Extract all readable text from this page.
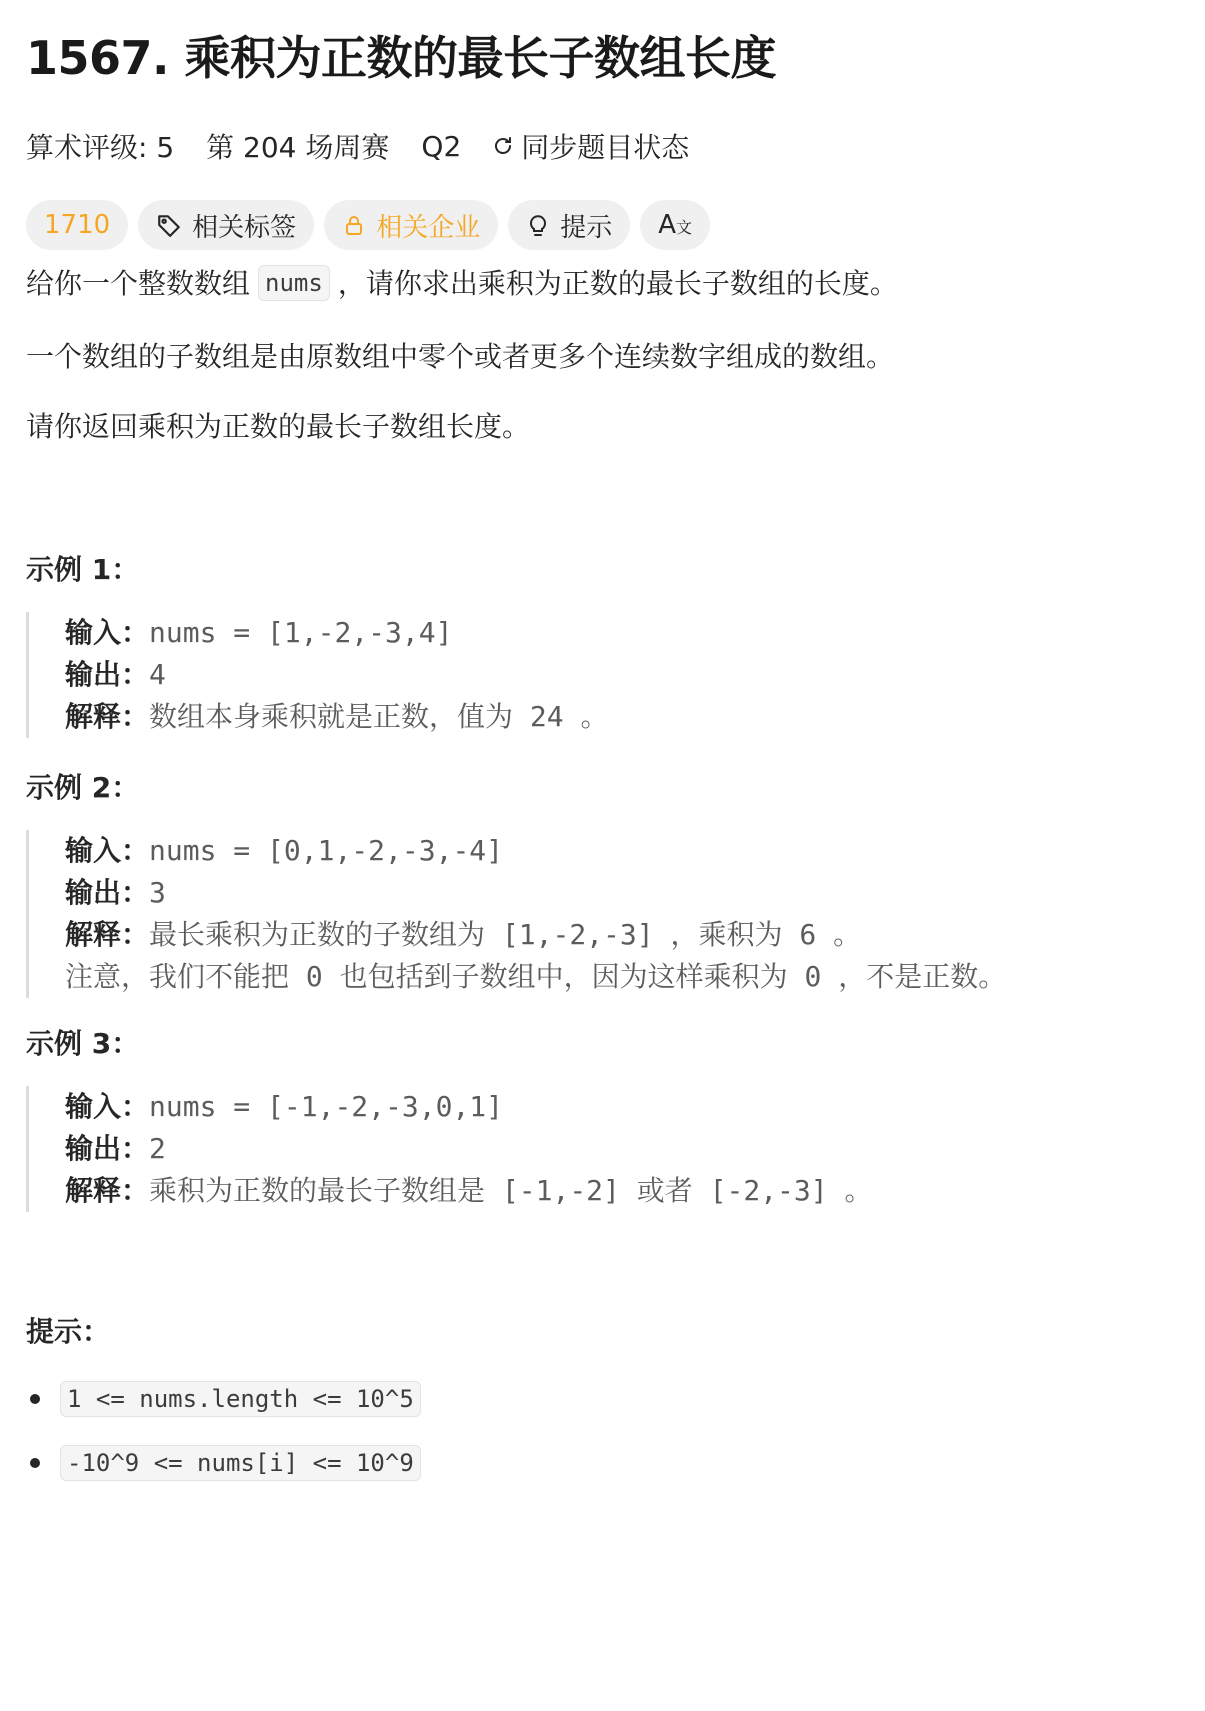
1567. 乘积为正数的最长子数组长度
算术评级: 5 第 204 场周赛 Q2 同步题目状态
1710	相关标签	相关企业	提示 A文
给你一个整数数组 nums ，请你求出乘积为正数的最长子数组的长度。
一个数组的子数组是由原数组中零个或者更多个连续数字组成的数组。
请你返回乘积为正数的最长子数组长度。
示例 1：
输入：nums = [1,-2,-3,4]
输出：4
解释：数组本身乘积就是正数，值为 24 。
示例 2：
输入：nums = [0,1,-2,-3,-4]
输出：3
解释：最长乘积为正数的子数组为 [1,-2,-3] ，乘积为 6 。
注意，我们不能把 0 也包括到子数组中，因为这样乘积为 0 ，不是正数。
示例 3：
输入：nums = [-1,-2,-3,0,1]
输出：2
解释：乘积为正数的最长子数组是 [-1,-2] 或者 [-2,-3] 。
提示：
1 <= nums.length <= 10^5
-10^9 <= nums[i] <= 10^9
